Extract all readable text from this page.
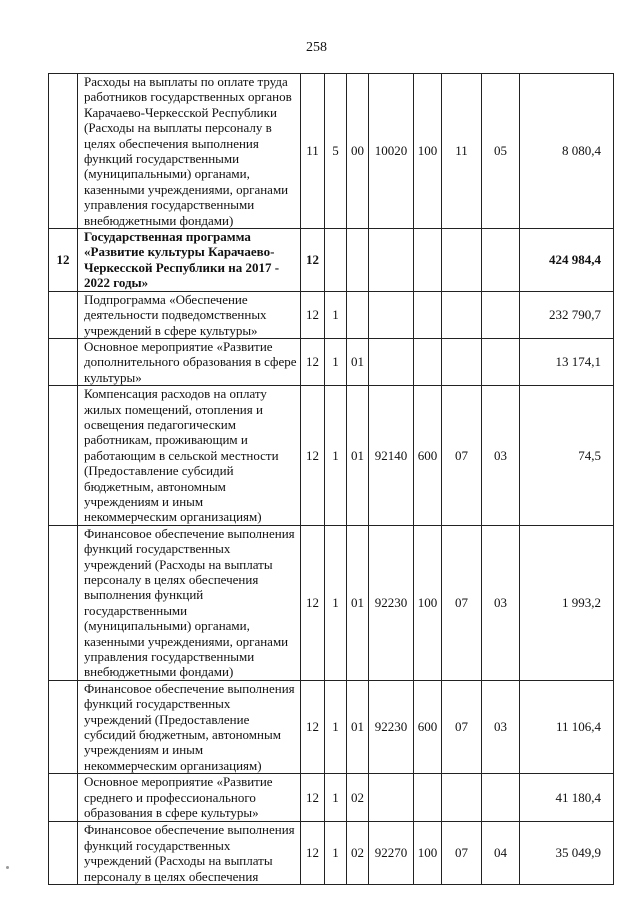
258
	Расходы на выплаты по оплате труда работников государственных органов Карачаево-Черкесской Республики (Расходы на выплаты персоналу в целях обеспечения выполнения функций государственными (муниципальными) органами, казенными учреждениями, органами управления государственными внебюджетными фондами)	11	5	00	10020	100	11	05	8 080,4
12	Государственная программа «Развитие культуры Карачаево-Черкесской Республики на 2017 - 2022 годы»	12							424 984,4
	Подпрограмма «Обеспечение деятельности подведомственных учреждений в сфере культуры»	12	1						232 790,7
	Основное мероприятие «Развитие дополнительного образования в сфере культуры»	12	1	01					13 174,1
	Компенсация расходов на оплату жилых помещений, отопления и освещения педагогическим работникам, проживающим и работающим в сельской местности (Предоставление субсидий бюджетным, автономным учреждениям и иным некоммерческим организациям)	12	1	01	92140	600	07	03	74,5
	Финансовое обеспечение выполнения функций государственных учреждений (Расходы на выплаты персоналу в целях обеспечения выполнения функций государственными (муниципальными) органами, казенными учреждениями, органами управления государственными внебюджетными фондами)	12	1	01	92230	100	07	03	1 993,2
	Финансовое обеспечение выполнения функций государственных учреждений (Предоставление субсидий бюджетным, автономным учреждениям и иным некоммерческим организациям)	12	1	01	92230	600	07	03	11 106,4
	Основное мероприятие «Развитие среднего и профессионального образования в сфере культуры»	12	1	02					41 180,4
	Финансовое обеспечение выполнения функций государственных учреждений (Расходы на выплаты персоналу в целях обеспечения	12	1	02	92270	100	07	04	35 049,9
